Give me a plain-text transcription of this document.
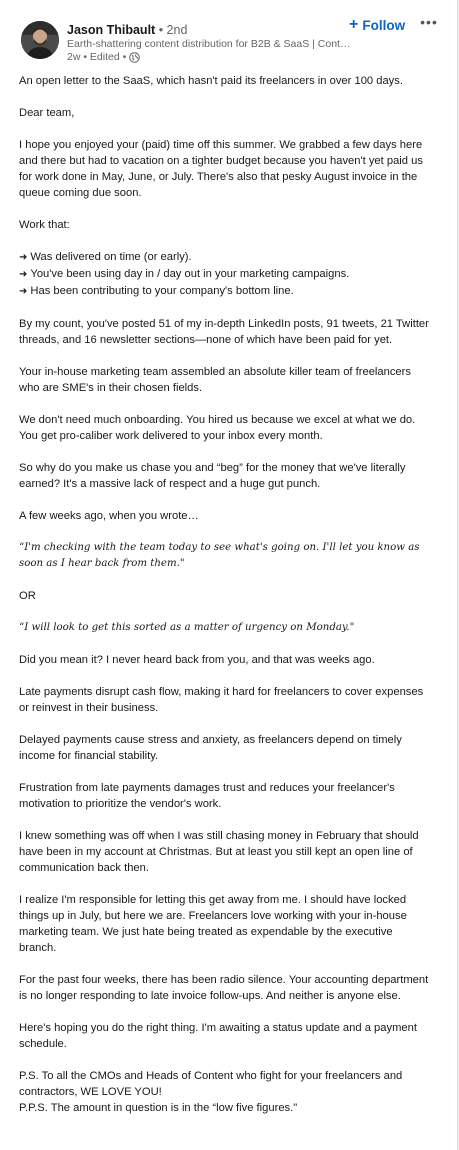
Jason Thibault • 2nd
Earth-shattering content distribution for B2B & SaaS | Cont…
2w • Edited •
+ Follow •••

An open letter to the SaaS, which hasn't paid its freelancers in over 100 days.

Dear team,

I hope you enjoyed your (paid) time off this summer. We grabbed a few days here and there but had to vacation on a tighter budget because you haven't yet paid us for work done in May, June, or July. There's also that pesky August invoice in the queue coming due soon.

Work that:

➜ Was delivered on time (or early).
➜ You've been using day in / day out in your marketing campaigns.
➜ Has been contributing to your company's bottom line.

By my count, you've posted 51 of my in-depth LinkedIn posts, 91 tweets, 21 Twitter threads, and 16 newsletter sections—none of which have been paid for yet.

Your in-house marketing team assembled an absolute killer team of freelancers who are SME's in their chosen fields.

We don't need much onboarding. You hired us because we excel at what we do. You get pro-caliber work delivered to your inbox every month.

So why do you make us chase you and “beg” for the money that we've literally earned? It's a massive lack of respect and a huge gut punch.

A few weeks ago, when you wrote…

“I'm checking with the team today to see what's going on. I'll let you know as soon as I hear back from them."

OR

“I will look to get this sorted as a matter of urgency on Monday."

Did you mean it? I never heard back from you, and that was weeks ago.

Late payments disrupt cash flow, making it hard for freelancers to cover expenses or reinvest in their business.

Delayed payments cause stress and anxiety, as freelancers depend on timely income for financial stability.

Frustration from late payments damages trust and reduces your freelancer's motivation to prioritize the vendor's work.

I knew something was off when I was still chasing money in February that should have been in my account at Christmas. But at least you still kept an open line of communication back then.

I realize I'm responsible for letting this get away from me. I should have locked things up in July, but here we are. Freelancers love working with your in-house marketing team. We just hate being treated as expendable by the executive branch.

For the past four weeks, there has been radio silence. Your accounting department is no longer responding to late invoice follow-ups. And neither is anyone else.

Here's hoping you do the right thing. I'm awaiting a status update and a payment schedule.

P.S. To all the CMOs and Heads of Content who fight for your freelancers and contractors, WE LOVE YOU!

P.P.S. The amount in question is in the “low five figures."
